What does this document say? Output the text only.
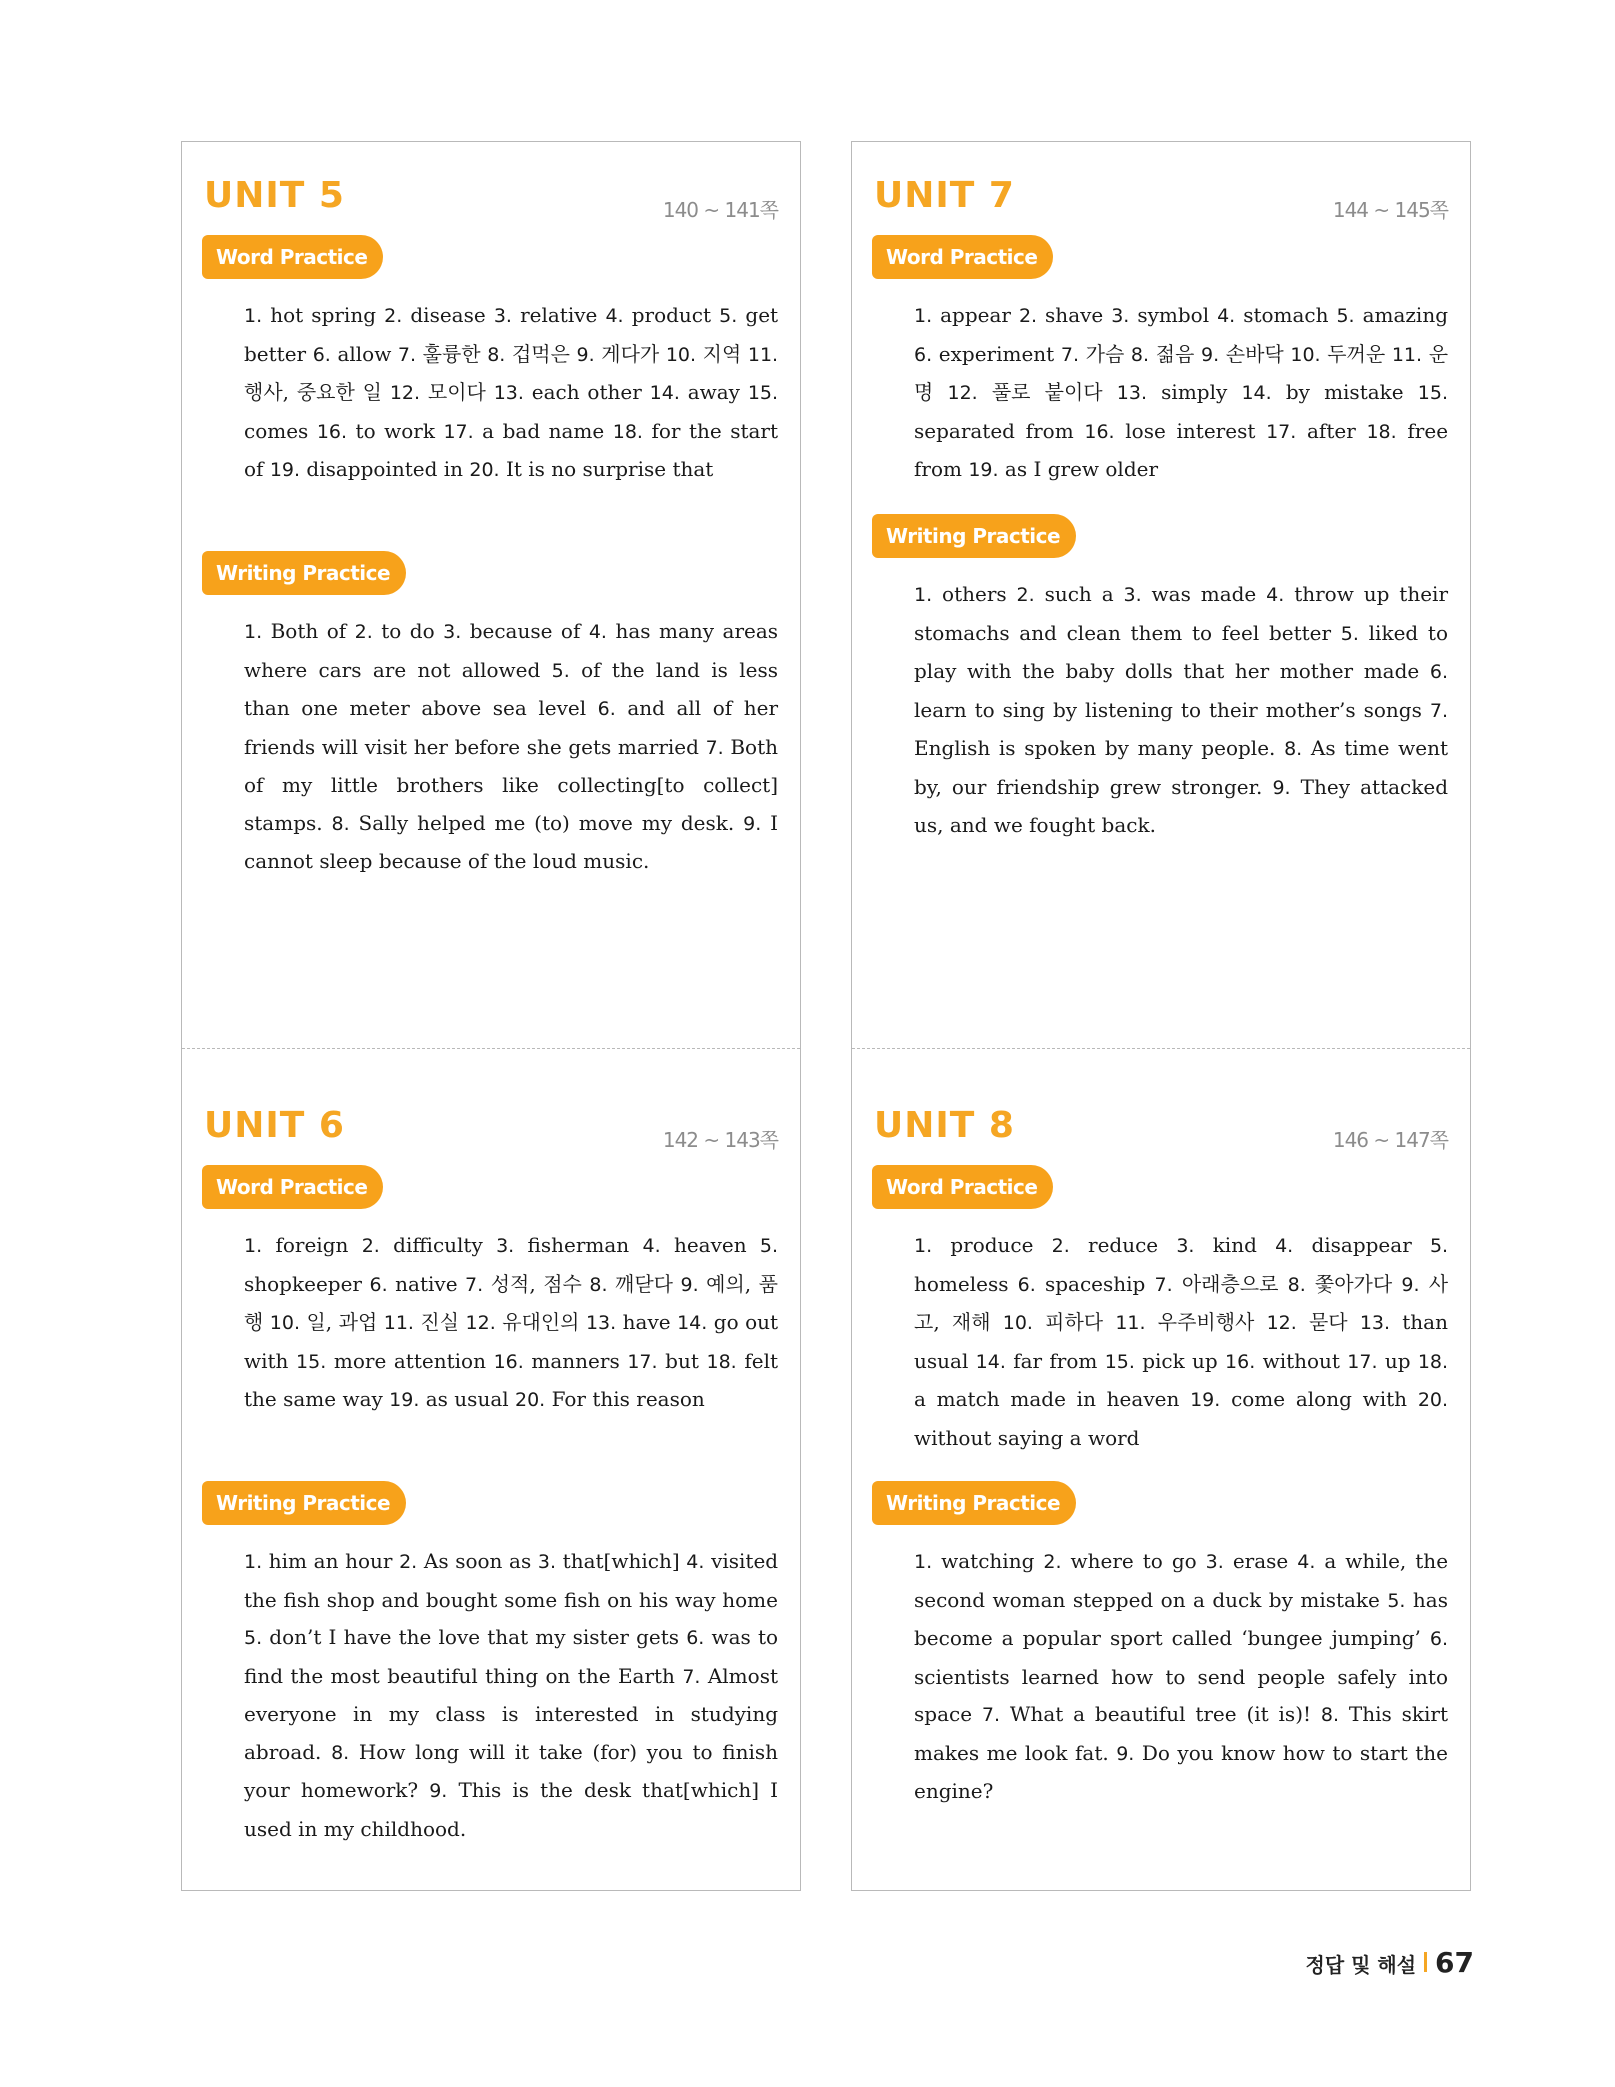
UNIT 5	140 ~ 141쪽
Word Practice
1. hot spring 2. disease 3. relative 4. product 5. get better 6. allow 7. 훌륭한 8. 겁먹은 9. 게다가 10. 지역 11. 행사, 중요한 일 12. 모이다 13. each other 14. away 15. comes 16. to work 17. a bad name 18. for the start of 19. disappointed in 20. It is no surprise that
Writing Practice
1. Both of 2. to do 3. because of 4. has many areas where cars are not allowed 5. of the land is less than one meter above sea level 6. and all of her friends will visit her before she gets married 7. Both of my little brothers like collecting[to collect] stamps. 8. Sally helped me (to) move my desk. 9. I cannot sleep because of the loud music.
UNIT 6	142 ~ 143쪽
Word Practice
1. foreign 2. difficulty 3. fisherman 4. heaven 5. shopkeeper 6. native 7. 성적, 점수 8. 깨닫다 9. 예의, 품행 10. 일, 과업 11. 진실 12. 유대인의 13. have 14. go out with 15. more attention 16. manners 17. but 18. felt the same way 19. as usual 20. For this reason
Writing Practice
1. him an hour 2. As soon as 3. that[which] 4. visited the fish shop and bought some fish on his way home 5. don’t I have the love that my sister gets 6. was to find the most beautiful thing on the Earth 7. Almost everyone in my class is interested in studying abroad. 8. How long will it take (for) you to finish your homework? 9. This is the desk that[which] I used in my childhood.
UNIT 7	144 ~ 145쪽
Word Practice
1. appear 2. shave 3. symbol 4. stomach 5. amazing 6. experiment 7. 가슴 8. 젊음 9. 손바닥 10. 두꺼운 11. 운명 12. 풀로 붙이다 13. simply 14. by mistake 15. separated from 16. lose interest 17. after 18. free from 19. as I grew older
Writing Practice
1. others 2. such a 3. was made 4. throw up their stomachs and clean them to feel better 5. liked to play with the baby dolls that her mother made 6. learn to sing by listening to their mother’s songs 7. English is spoken by many people. 8. As time went by, our friendship grew stronger. 9. They attacked us, and we fought back.
UNIT 8	146 ~ 147쪽
Word Practice
1. produce 2. reduce 3. kind 4. disappear 5. homeless 6. spaceship 7. 아래층으로 8. 쫓아가다 9. 사고, 재해 10. 피하다 11. 우주비행사 12. 묻다 13. than usual 14. far from 15. pick up 16. without 17. up 18. a match made in heaven 19. come along with 20. without saying a word
Writing Practice
1. watching 2. where to go 3. erase 4. a while, the second woman stepped on a duck by mistake 5. has become a popular sport called ‘bungee jumping’ 6. scientists learned how to send people safely into space 7. What a beautiful tree (it is)! 8. This skirt makes me look fat. 9. Do you know how to start the engine?
정답 및 해설 67
